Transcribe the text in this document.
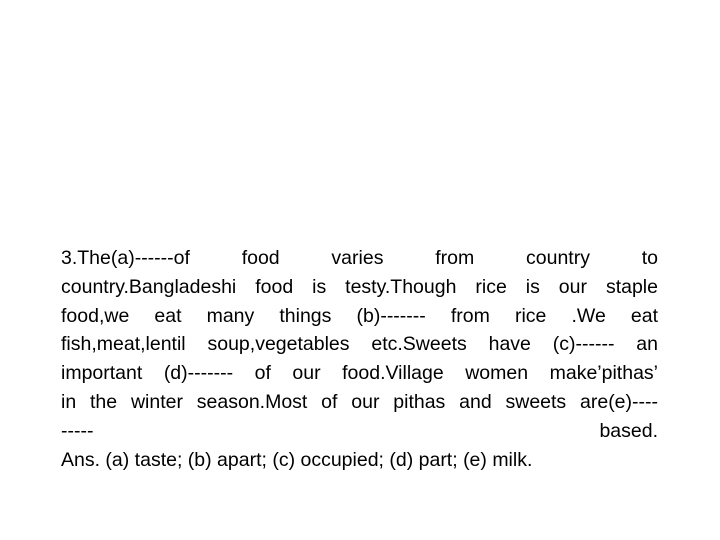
3.The(a)------of food varies from country to
country.Bangladeshi food is testy.Though rice is our staple
food,we eat many things (b)------- from rice .We eat
fish,meat,lentil soup,vegetables etc.Sweets have (c)------ an
important (d)------- of our food.Village women make’pithas’
in the winter season.Most of our pithas and sweets are(e)----
----- based.
Ans. (a) taste; (b) apart; (c) occupied; (d) part; (e) milk.
